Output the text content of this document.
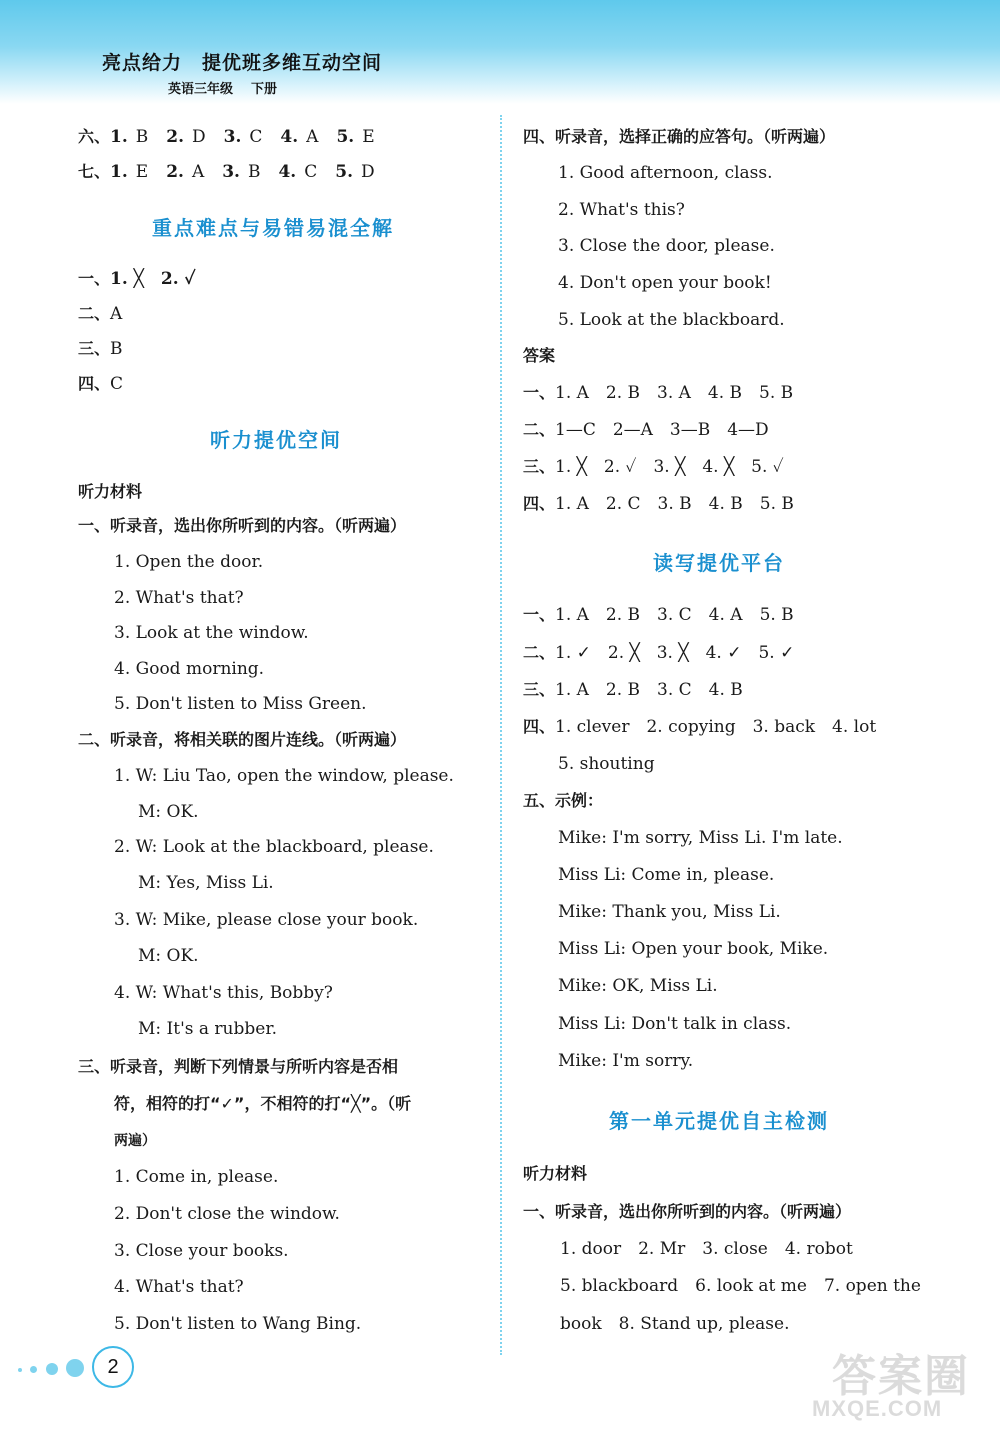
亮点给力　提优班多维互动空间
英语三年级 下册
六、1. B 2. D 3. C 4. A 5. E
七、1. E 2. A 3. B 4. C 5. D
重点难点与易错易混全解
一、1. ╳　2. ✓
二、A
三、B
四、C
听力提优空间
听力材料
一、听录音，选出你所听到的内容。（听两遍）
1. Open the door.
2. What's that?
3. Look at the window.
4. Good morning.
5. Don't listen to Miss Green.
二、听录音，将相关联的图片连线。（听两遍）
1. W: Liu Tao, open the window, please.
M: OK.
2. W: Look at the blackboard, please.
M: Yes, Miss Li.
3. W: Mike, please close your book.
M: OK.
4. W: What's this, Bobby?
M: It's a rubber.
三、听录音，判断下列情景与所听内容是否相
符，相符的打“✓”，不相符的打“╳”。（听
两遍）
1. Come in, please.
2. Don't close the window.
3. Close your books.
4. What's that?
5. Don't listen to Wang Bing.
四、听录音，选择正确的应答句。（听两遍）
1. Good afternoon, class.
2. What's this?
3. Close the door, please.
4. Don't open your book!
5. Look at the blackboard.
答案
一、1. A　2. B　3. A　4. B　5. B
二、1—C　2—A　3—B　4—D
三、1. ╳　2. ✓　3. ╳　4. ╳　5. ✓
四、1. A　2. C　3. B　4. B　5. B
读写提优平台
一、1. A　2. B　3. C　4. A　5. B
二、1. ✓　2. ╳　3. ╳　4. ✓　5. ✓
三、1. A　2. B　3. C　4. B
四、1. clever　2. copying　3. back　4. lot
5. shouting
五、示例：
Mike: I'm sorry, Miss Li. I'm late.
Miss Li: Come in, please.
Mike: Thank you, Miss Li.
Miss Li: Open your book, Mike.
Mike: OK, Miss Li.
Miss Li: Don't talk in class.
Mike: I'm sorry.
第一单元提优自主检测
听力材料
一、听录音，选出你所听到的内容。（听两遍）
1. door　2. Mr　3. close　4. robot
5. blackboard　6. look at me　7. open the
book　8. Stand up, please.
2	答案圈
MXQE.COM
